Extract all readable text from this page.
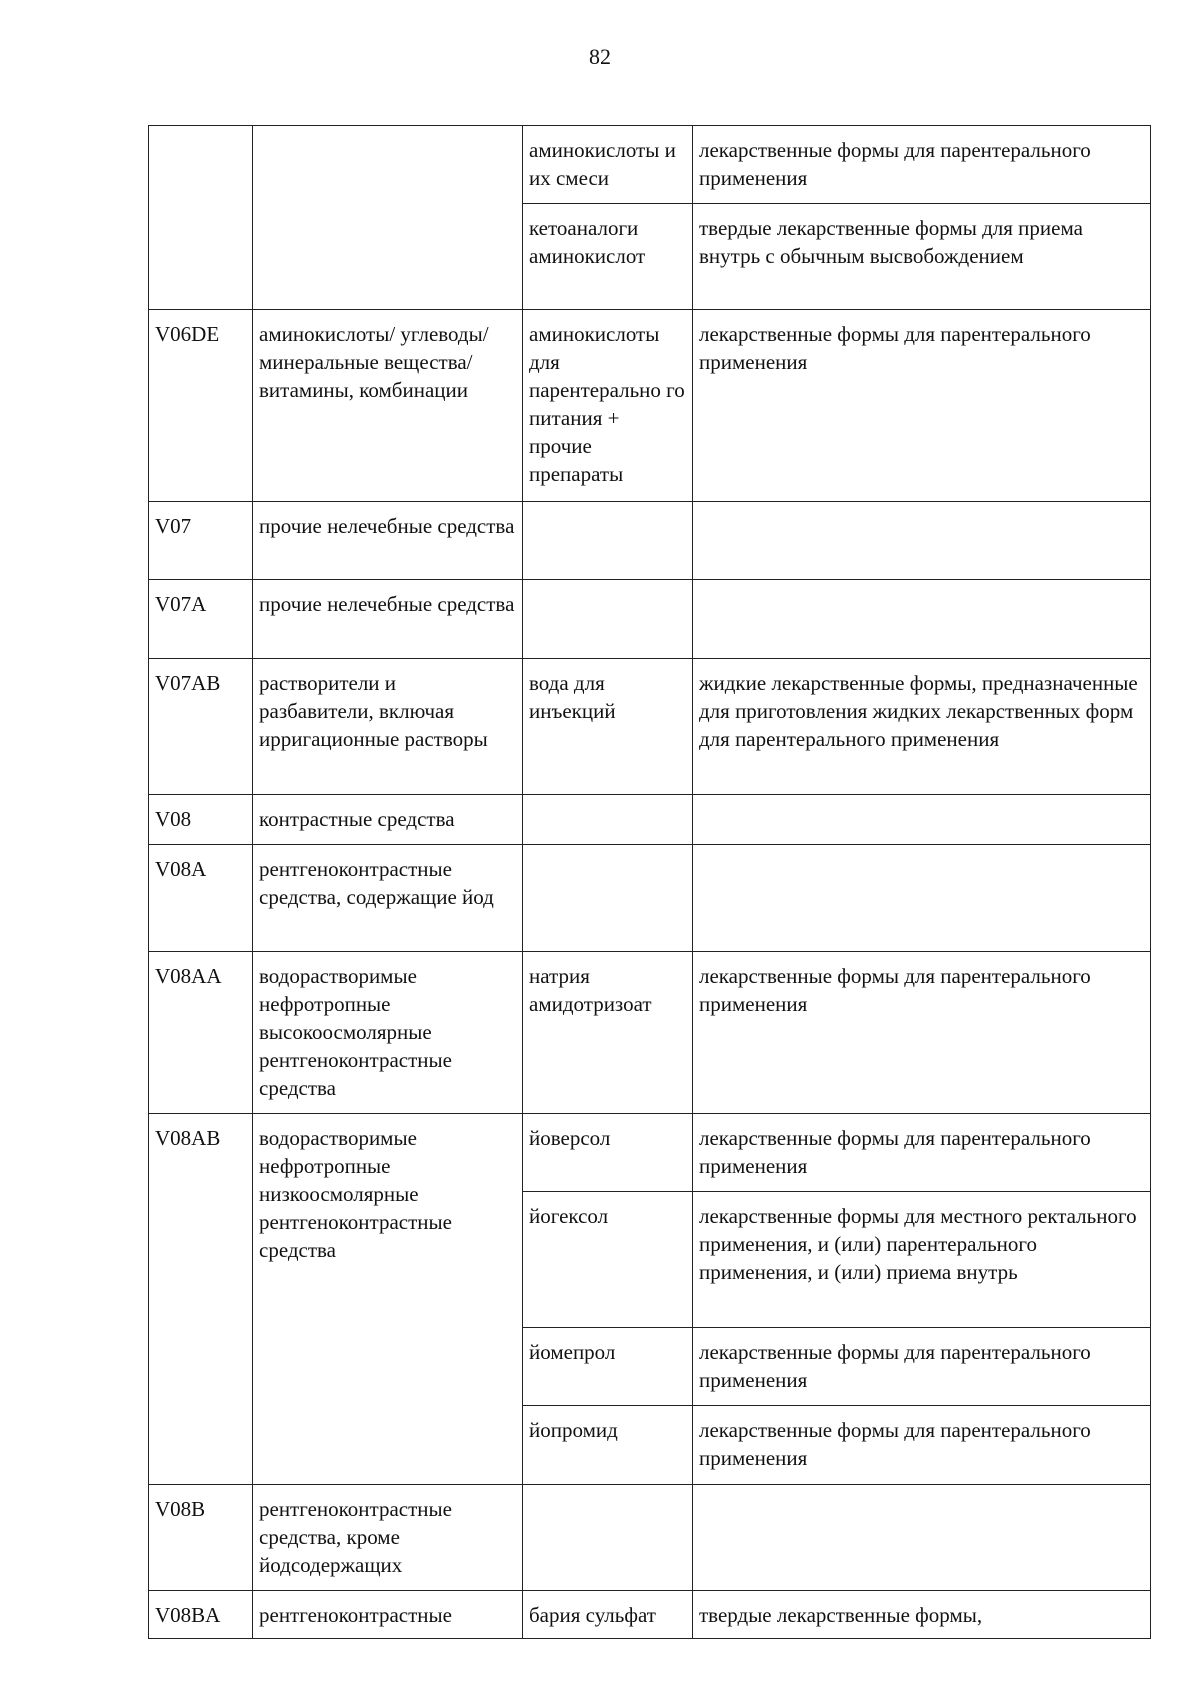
82
		аминокислоты и их смеси	лекарственные формы для парентерального применения
		кетоаналоги аминокислот	твердые лекарственные формы для приема внутрь с обычным высвобождением
V06DE	аминокислоты/ углеводы/минеральные вещества/витамины, комбинации	аминокислоты для парентерально го питания + прочие препараты	лекарственные формы для парентерального применения
V07	прочие нелечебные средства		
V07A	прочие нелечебные средства		
V07AB	растворители и разбавители, включая ирригационные растворы	вода для инъекций	жидкие лекарственные формы, предназначенные для приготовления жидких лекарственных форм для парентерального применения
V08	контрастные средства		
V08A	рентгеноконтрастные средства, содержащие йод		
V08AA	водорастворимые нефротропные высокоосмолярные рентгеноконтрастные средства	натрия амидотризоат	лекарственные формы для парентерального применения
V08AB	водорастворимые нефротропные низкоосмолярные рентгеноконтрастные средства	йоверсол	лекарственные формы для парентерального применения
		йогексол	лекарственные формы для местного ректального применения, и (или) парентерального применения, и (или) приема внутрь
		йомепрол	лекарственные формы для парентерального применения
		йопромид	лекарственные формы для парентерального применения
V08B	рентгеноконтрастные средства, кроме йодсодержащих		
V08BA	рентгеноконтрастные	бария сульфат	твердые лекарственные формы,
